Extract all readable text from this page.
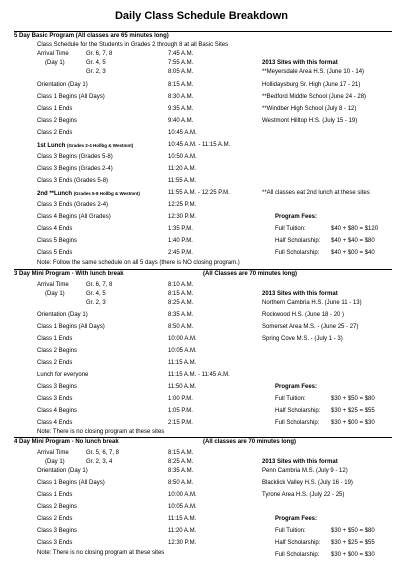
Daily Class Schedule Breakdown
5 Day Basic Program (All classes are 65 minutes long)
Class Schedule for the Students in Grades 2 through 8 at all Basic Sites
Arrival Time
(Day 1)
Gr. 6, 7, 8	7:45 A.M.
Gr. 4, 5	7:55 A.M.
Gr. 2, 3	8:05 A.M.
Orientation (Day 1)	8:15 A.M.
Class 1 Begins (All Days)	8:30 A.M.
Class 1 Ends	9:35 A.M.
Class 2 Begins	9:40 A.M.
Class 2 Ends	10:45 A.M.
1st Lunch (Grades 2-4 Hollbg & Westmnt)	10:45 A.M. - 11:15 A.M.
Class 3 Begins (Grades 5-8)	10:50 A.M.
Class 3 Begins (Grades 2-4)	11:20 A.M.
Class 3 Ends (Grades 5-8)	11:55 A.M.
2nd **Lunch (Grades 5-8 Hollbg & Westmnt)	11:55 A.M. - 12:25 P.M.	**All classes eat 2nd lunch at these sites
Class 3 Ends (Grades 2-4)	12:25 P.M.
Class 4 Begins (All Grades)	12:30 P.M.
Class 4 Ends	1:35 P.M.
Class 5 Begins	1:40 P.M.
Class 5 Ends	2:45 P.M.
Note: Follow the same schedule on all 5 days (there is NO closing program.)
2013 Sites with this format
**Meyersdale Area H.S. (June 10 - 14)
Hollidaysburg Sr. High (June 17 - 21)
**Bedford Middle School (June 24 - 28)
**Windber High School (July 8 - 12)
Westmont Hilltop H.S. (July 15 - 19)
Program Fees:
Full Tuition:	$40 + $80 = $120
Half Scholarship: $40 + $40 = $80
Full Scholarship: $40 + $00 = $40
3 Day Mini Program - With lunch break	(All Classes are 70 minutes long)
Arrival Time
(Day 1)
Gr. 6, 7, 8	8:10 A.M.
Gr. 4, 5	8:15 A.M.
Gr. 2, 3	8:25 A.M.
Orientation (Day 1)	8:35 A.M.
Class 1 Begins (All Days)	8:50 A.M.
Class 1 Ends	10:00 A.M.
Class 2 Begins	10:05 A.M.
Class 2 Ends	11:15 A.M.
Lunch for everyone	11:15 A.M. - 11:45 A.M.
Class 3 Begins	11:50 A.M.
Class 3 Ends	1:00 P.M.
Class 4 Begins	1:05 P.M.
Class 4 Ends	2:15 P.M.
Note: There is no closing program at these sites
2013 Sites with this format
Northern Cambria H.S. (June 11 - 13)
Rockwood H.S. (June 18 - 20 )
Somerset Area M.S. - (June 25 - 27)
Spring Cove M.S. - (July 1 - 3)
Program Fees:
Full Tuition:	$30 + $50 = $80
Half Scholarship: $30 + $25 = $55
Full Scholarship: $30 + $00 = $30
4 Day Mini Program - No lunch break	(All classes are 70 minutes long)
Arrival Time
(Day 1)
Gr. 5, 6, 7, 8	8:15 A.M.
Gr. 2, 3, 4	8:25 A.M.
Orientation (Day 1)	8:35 A.M.
Class 1 Begins (All Days)	8:50 A.M.
Class 1 Ends	10:00 A.M.
Class 2 Begins	10:05 A.M.
Class 2 Ends	11:15 A.M.
Class 3 Begins	11:20 A.M.
Class 3 Ends	12:30 P.M.
Note: There is no closing program at these sites
2013 Sites with this format
Penn Cambria M.S. (July 9 - 12)
Blacklick Valley H.S. (July 16 - 19)
Tyrone Area H.S. (July 22 - 25)
Program Fees:
Full Tuition:	$30 + $50 = $80
Half Scholarship: $30 + $25 = $55
Full Scholarship: $30 + $00 = $30
